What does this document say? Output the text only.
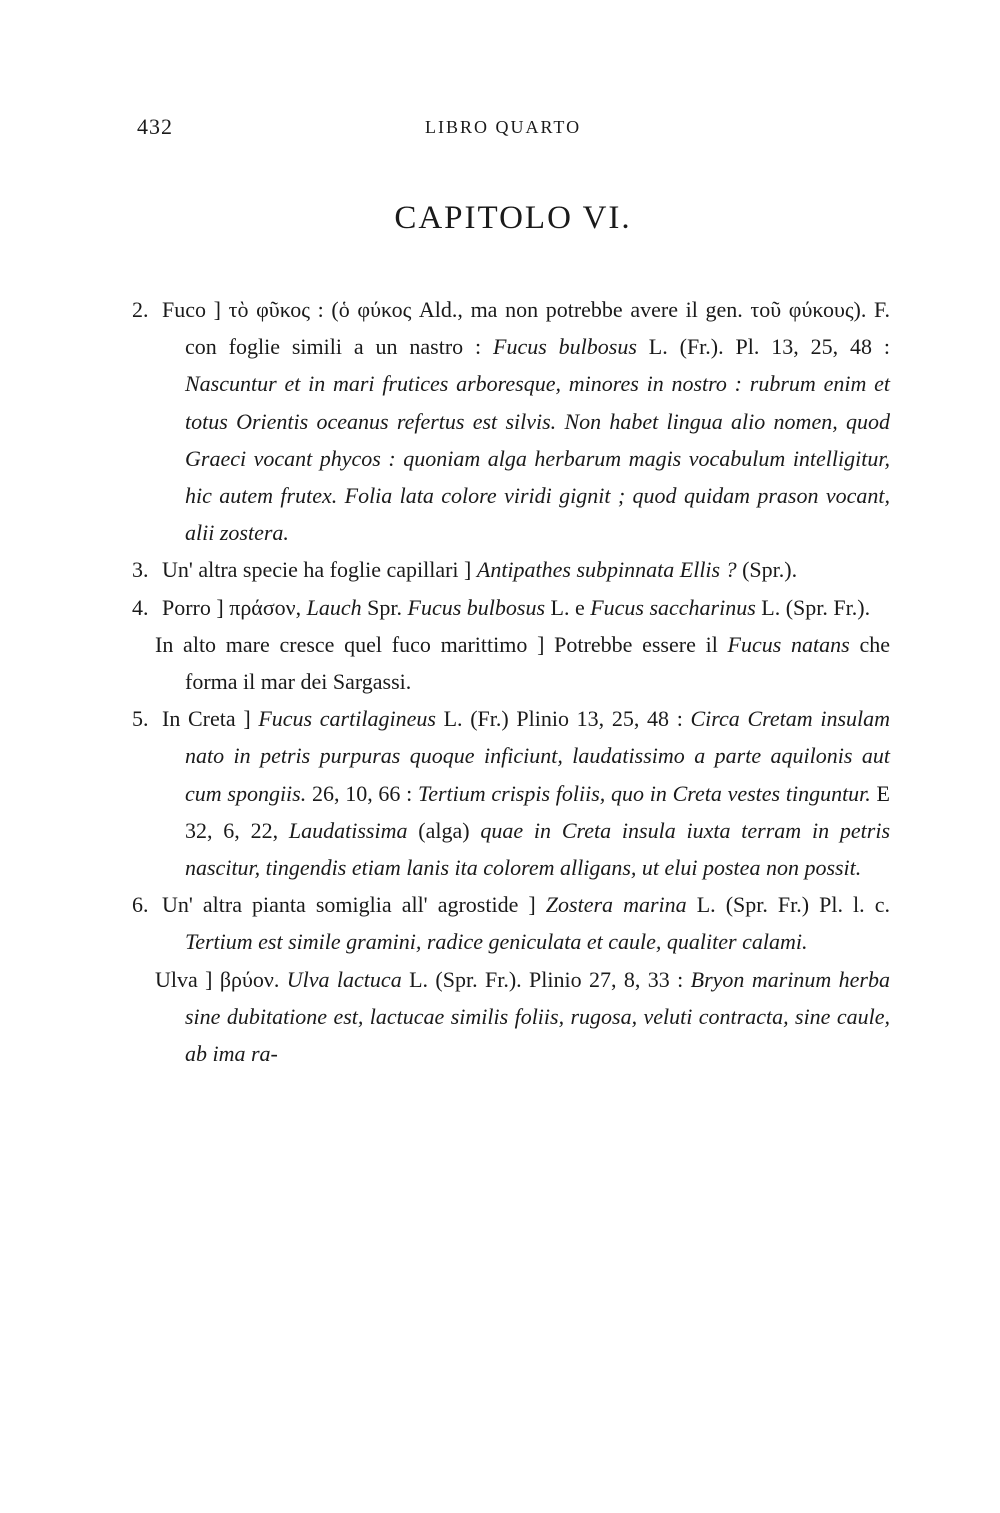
432	LIBRO QUARTO
CAPITOLO VI.

2. Fuco ] τὸ φῦκος : (ὁ φύκος Ald., ma non potrebbe avere il gen. τοῦ φύκους). F. con foglie simili a un nastro : Fucus bulbosus L. (Fr.). Pl. 13, 25, 48 : Nascuntur et in mari frutices arboresque, minores in nostro : rubrum enim et totus Orientis oceanus refertus est silvis. Non habet lingua alio nomen, quod Graeci vocant phycos : quoniam alga herbarum magis vocabulum intelligitur, hic autem frutex. Folia lata colore viridi gignit ; quod quidam prason vocant, alii zostera.

3. Un' altra specie ha foglie capillari ] Antipathes subpinnata Ellis ? (Spr.).

4. Porro ] πράσον, Lauch Spr. Fucus bulbosus L. e Fucus saccharinus L. (Spr. Fr.).

In alto mare cresce quel fuco marittimo ] Potrebbe essere il Fucus natans che forma il mar dei Sargassi.

5. In Creta ] Fucus cartilagineus L. (Fr.) Plinio 13, 25, 48 : Circa Cretam insulam nato in petris purpuras quoque inficiunt, laudatissimo a parte aquilonis aut cum spongiis. 26, 10, 66 : Tertium crispis foliis, quo in Creta vestes tinguntur. E 32, 6, 22, Laudatissima (alga) quae in Creta insula iuxta terram in petris nascitur, tingendis etiam lanis ita colorem alligans, ut elui postea non possit.

6. Un' altra pianta somiglia all' agrostide ] Zostera marina L. (Spr. Fr.) Pl. l. c. Tertium est simile gramini, radice geniculata et caule, qualiter calami.

Ulva ] βρύον. Ulva lactuca L. (Spr. Fr.). Plinio 27, 8, 33 : Bryon marinum herba sine dubitatione est, lactucae similis foliis, rugosa, veluti contracta, sine caule, ab ima ra-
